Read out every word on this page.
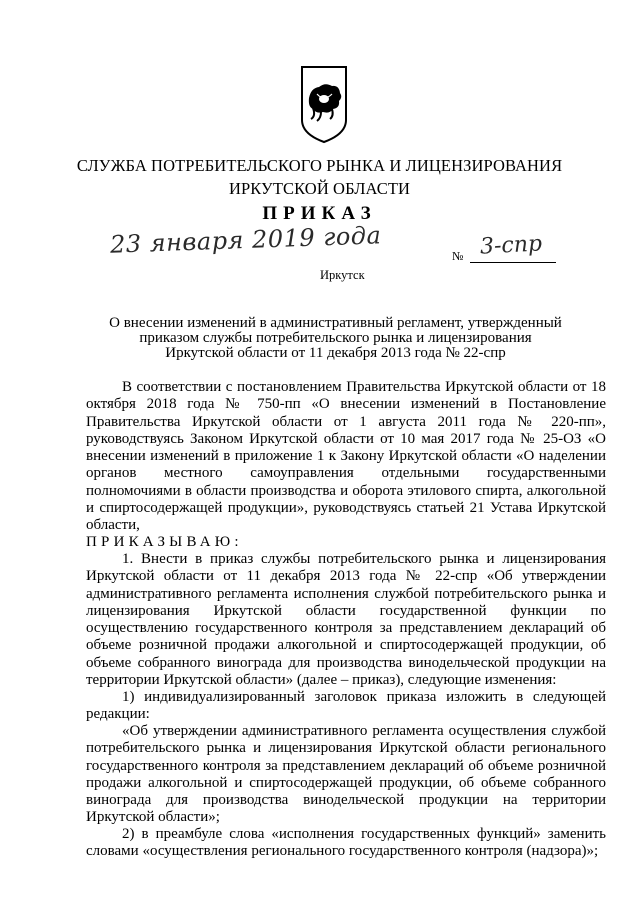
СЛУЖБА ПОТРЕБИТЕЛЬСКОГО РЫНКА И ЛИЦЕНЗИРОВАНИЯ
ИРКУТСКОЙ ОБЛАСТИ
ПРИКАЗ
23 января 2019 года	№ 3-спр
Иркутск
О внесении изменений в административный регламент, утвержденный приказом службы потребительского рынка и лицензирования Иркутской области от 11 декабря 2013 года № 22-спр

В соответствии с постановлением Правительства Иркутской области от 18 октября 2018 года № 750-пп «О внесении изменений в Постановление Правительства Иркутской области от 1 августа 2011 года № 220-пп», руководствуясь Законом Иркутской области от 10 мая 2017 года № 25-ОЗ «О внесении изменений в приложение 1 к Закону Иркутской области «О наделении органов местного самоуправления отдельными государственными полномочиями в области производства и оборота этилового спирта, алкогольной и спиртосодержащей продукции», руководствуясь статьей 21 Устава Иркутской области,

ПРИКАЗЫВАЮ:

1. Внести в приказ службы потребительского рынка и лицензирования Иркутской области от 11 декабря 2013 года № 22-спр «Об утверждении административного регламента исполнения службой потребительского рынка и лицензирования Иркутской области государственной функции по осуществлению государственного контроля за представлением деклараций об объеме розничной продажи алкогольной и спиртосодержащей продукции, об объеме собранного винограда для производства винодельческой продукции на территории Иркутской области» (далее – приказ), следующие изменения:

1) индивидуализированный заголовок приказа изложить в следующей редакции:

«Об утверждении административного регламента осуществления службой потребительского рынка и лицензирования Иркутской области регионального государственного контроля за представлением деклараций об объеме розничной продажи алкогольной и спиртосодержащей продукции, об объеме собранного винограда для производства винодельческой продукции на территории Иркутской области»;

2) в преамбуле слова «исполнения государственных функций» заменить словами «осуществления регионального государственного контроля (надзора)»;
